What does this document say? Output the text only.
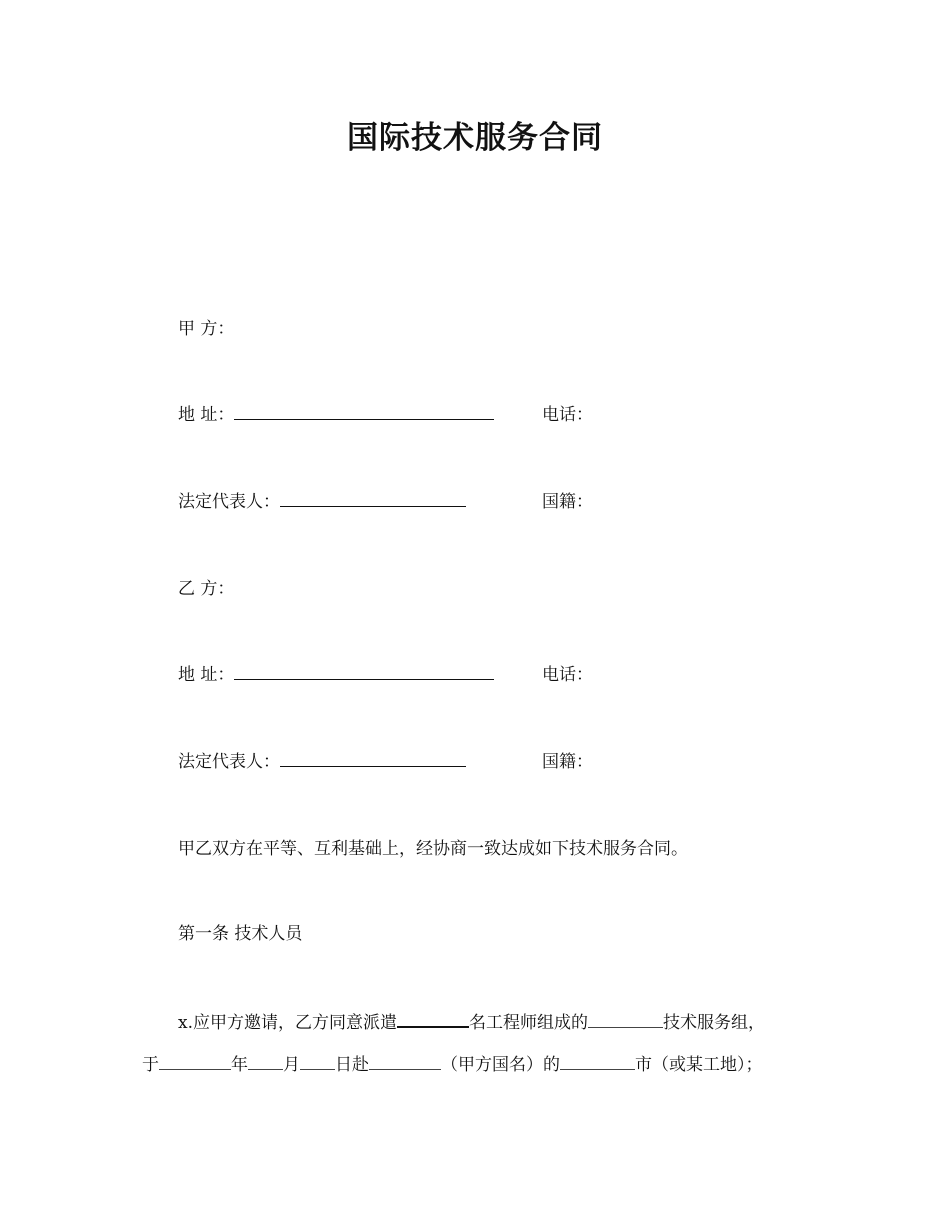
国际技术服务合同
甲 方：
地 址：	电话：
法定代表人：	国籍：
乙 方：
地 址：	电话：
法定代表人：	国籍：
甲乙双方在平等、互利基础上，经协商一致达成如下技术服务合同。
第一条 技术人员
x.应甲方邀请，乙方同意派遣	名工程师组成的	技术服务组，
于	年 月 日赴	（甲方国名）的	市（或某工地）；
